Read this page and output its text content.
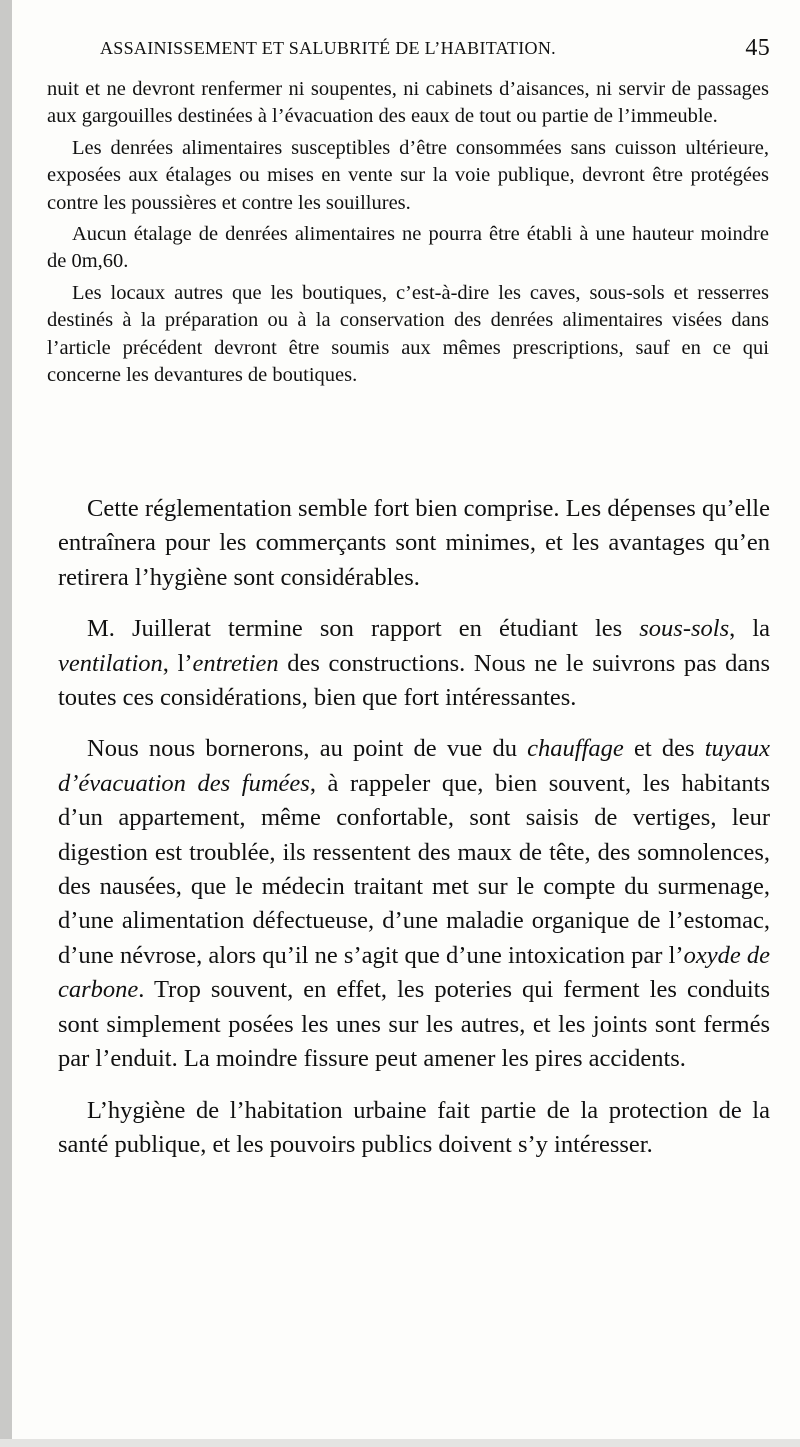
ASSAINISSEMENT ET SALUBRITÉ DE L’HABITATION.	45

nuit et ne devront renfermer ni soupentes, ni cabinets d’aisances, ni servir de passages aux gargouilles destinées à l’évacuation des eaux de tout ou partie de l’immeuble.

Les denrées alimentaires susceptibles d’être consommées sans cuisson ultérieure, exposées aux étalages ou mises en vente sur la voie publique, devront être protégées contre les poussières et contre les souillures.

Aucun étalage de denrées alimentaires ne pourra être établi à une hauteur moindre de 0m,60.

Les locaux autres que les boutiques, c’est-à-dire les caves, sous-sols et resserres destinés à la préparation ou à la conservation des denrées alimentaires visées dans l’article précédent devront être soumis aux mêmes prescriptions, sauf en ce qui concerne les devantures de boutiques.

Cette réglementation semble fort bien comprise. Les dépenses qu’elle entraînera pour les commerçants sont minimes, et les avantages qu’en retirera l’hygiène sont considérables.

M. Juillerat termine son rapport en étudiant les sous-sols, la ventilation, l’entretien des constructions. Nous ne le suivrons pas dans toutes ces considérations, bien que fort intéressantes.

Nous nous bornerons, au point de vue du chauffage et des tuyaux d’évacuation des fumées, à rappeler que, bien souvent, les habitants d’un appartement, même confortable, sont saisis de vertiges, leur digestion est troublée, ils ressentent des maux de tête, des somnolences, des nausées, que le médecin traitant met sur le compte du surmenage, d’une alimentation défectueuse, d’une maladie organique de l’estomac, d’une névrose, alors qu’il ne s’agit que d’une intoxication par l’oxyde de carbone. Trop souvent, en effet, les poteries qui ferment les conduits sont simplement posées les unes sur les autres, et les joints sont fermés par l’enduit. La moindre fissure peut amener les pires accidents.

L’hygiène de l’habitation urbaine fait partie de la protection de la santé publique, et les pouvoirs publics doivent s’y intéresser.
